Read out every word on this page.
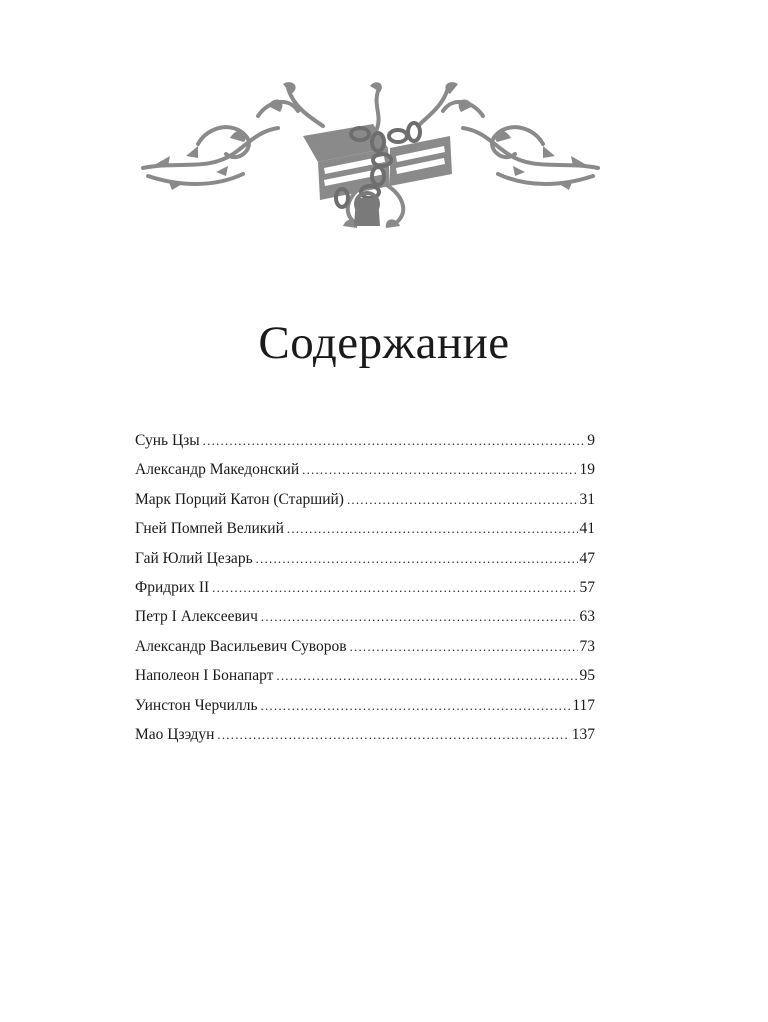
Содержание
Сунь Цзы .....	9
Александр Македонский .....	19
Марк Порций Катон (Старший) .....	31
Гней Помпей Великий .....	41
Гай Юлий Цезарь .....	47
Фридрих II .....	57
Петр I Алексеевич .....	63
Александр Васильевич Суворов .....	73
Наполеон I Бонапарт .....	95
Уинстон Черчилль .....	117
Мао Цзэдун .....	137
